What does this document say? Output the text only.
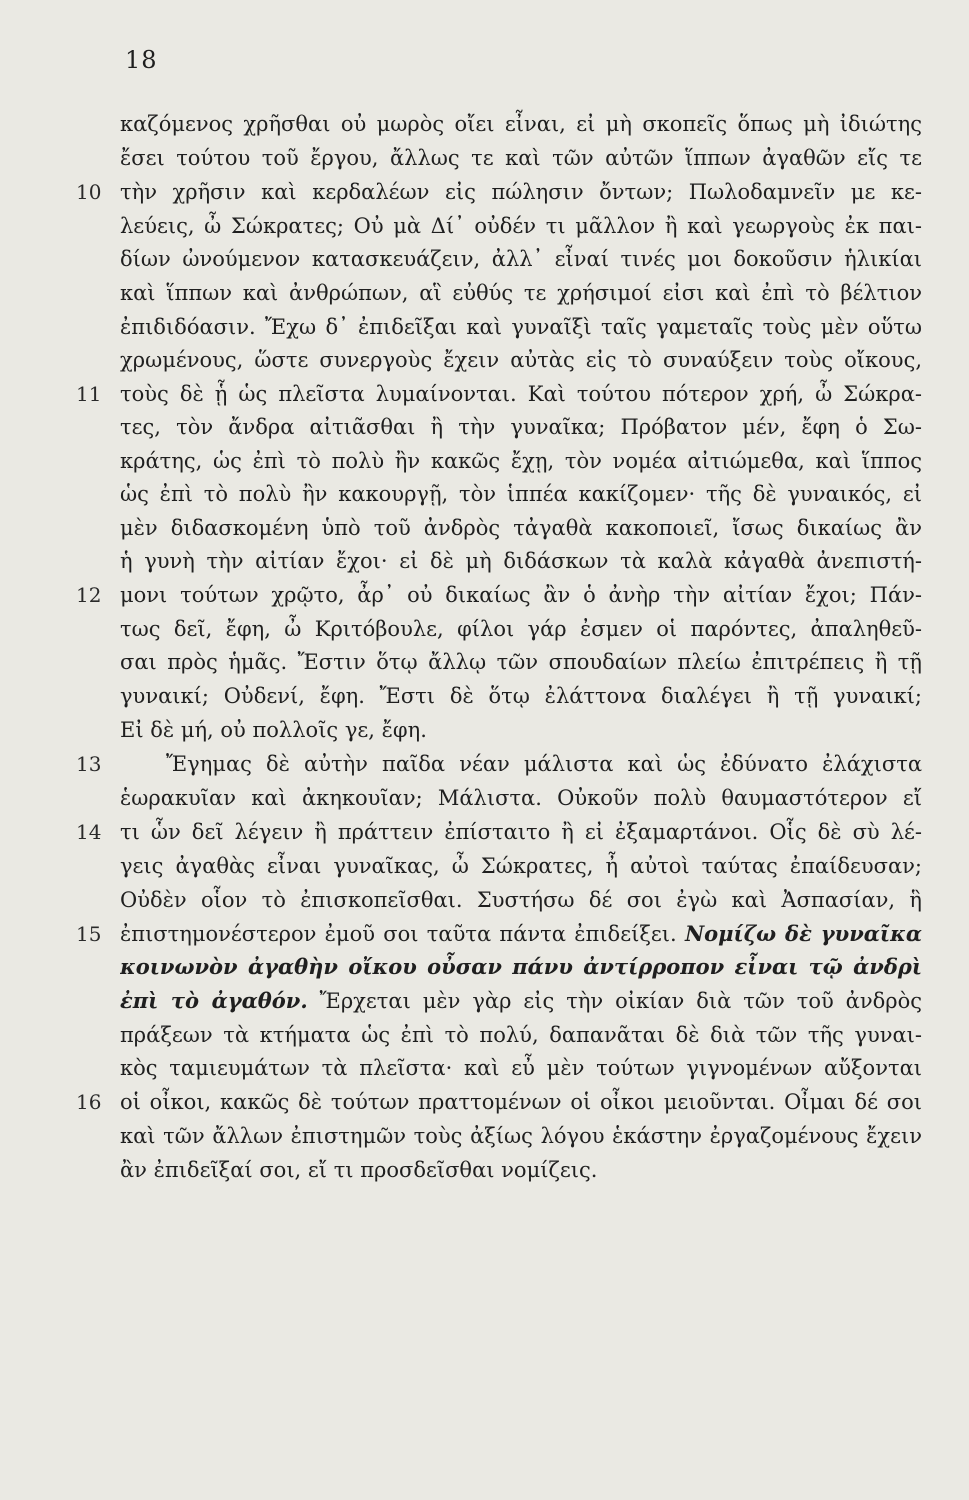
18
10
11
12
13
14
15
16
καζόμενος χρῆσθαι οὐ μωρὸς οἴει εἶναι, εἰ μὴ σκοπεῖς ὅπως μὴ ἰδιώτης
ἔσει τούτου τοῦ ἔργου, ἄλλως τε καὶ τῶν αὐτῶν ἵππων ἀγαθῶν εἴς τε
τὴν χρῆσιν καὶ κερδαλέων εἰς πώλησιν ὄντων; Πωλοδαμνεῖν με κε-
λεύεις, ὦ Σώκρατες; Οὐ μὰ Δί᾽ οὐδέν τι μᾶλλον ἢ καὶ γεωργοὺς ἐκ παι-
δίων ὠνούμενον κατασκευάζειν, ἀλλ᾽ εἶναί τινές μοι δοκοῦσιν ἡλικίαι
καὶ ἵππων καὶ ἀνθρώπων, αἳ εὐθύς τε χρήσιμοί εἰσι καὶ ἐπὶ τὸ βέλτιον
ἐπιδιδόασιν. Ἔχω δ᾽ ἐπιδεῖξαι καὶ γυναῖξὶ ταῖς γαμεταῖς τοὺς μὲν οὕτω
χρωμένους, ὥστε συνεργοὺς ἔχειν αὐτὰς εἰς τὸ συναύξειν τοὺς οἴκους,
τοὺς δὲ ᾗ ὡς πλεῖστα λυμαίνονται. Καὶ τούτου πότερον χρή, ὦ Σώκρα-
τες, τὸν ἄνδρα αἰτιᾶσθαι ἢ τὴν γυναῖκα; Πρόβατον μέν, ἔφη ὁ Σω-
κράτης, ὡς ἐπὶ τὸ πολὺ ἢν κακῶς ἔχῃ, τὸν νομέα αἰτιώμεθα, καὶ ἵππος
ὡς ἐπὶ τὸ πολὺ ἢν κακουργῇ, τὸν ἱππέα κακίζομεν· τῆς δὲ γυναικός, εἰ
μὲν διδασκομένη ὑπὸ τοῦ ἀνδρὸς τἀγαθὰ κακοποιεῖ, ἴσως δικαίως ἂν
ἡ γυνὴ τὴν αἰτίαν ἔχοι· εἰ δὲ μὴ διδάσκων τὰ καλὰ κἀγαθὰ ἀνεπιστή-
μονι τούτων χρῷτο, ἆρ᾽ οὐ δικαίως ἂν ὁ ἀνὴρ τὴν αἰτίαν ἔχοι; Πάν-
τως δεῖ, ἔφη, ὦ Κριτόβουλε, φίλοι γάρ ἐσμεν οἱ παρόντες, ἀπαληθεῦ-
σαι πρὸς ἡμᾶς. Ἔστιν ὅτῳ ἄλλῳ τῶν σπουδαίων πλείω ἐπιτρέπεις ἢ τῇ
γυναικί; Οὐδενί, ἔφη. Ἔστι δὲ ὅτῳ ἐλάττονα διαλέγει ἢ τῇ γυναικί;
Εἰ δὲ μή, οὐ πολλοῖς γε, ἔφη.
Ἔγημας δὲ αὐτὴν παῖδα νέαν μάλιστα καὶ ὡς ἐδύνατο ἐλάχιστα
ἑωρακυῖαν καὶ ἀκηκουῖαν; Μάλιστα. Οὐκοῦν πολὺ θαυμαστότερον εἴ
τι ὧν δεῖ λέγειν ἢ πράττειν ἐπίσταιτο ἢ εἰ ἐξαμαρτάνοι. Οἷς δὲ σὺ λέ-
γεις ἀγαθὰς εἶναι γυναῖκας, ὦ Σώκρατες, ἦ αὐτοὶ ταύτας ἐπαίδευσαν;
Οὐδὲν οἷον τὸ ἐπισκοπεῖσθαι. Συστήσω δέ σοι ἐγὼ καὶ Ἀσπασίαν, ἣ
ἐπιστημονέστερον ἐμοῦ σοι ταῦτα πάντα ἐπιδείξει. Νομίζω δὲ γυναῖκα
κοινωνὸν ἀγαθὴν οἴκου οὖσαν πάνυ ἀντίρροπον εἶναι τῷ ἀνδρὶ
ἐπὶ τὸ ἀγαθόν. Ἔρχεται μὲν γὰρ εἰς τὴν οἰκίαν διὰ τῶν τοῦ ἀνδρὸς
πράξεων τὰ κτήματα ὡς ἐπὶ τὸ πολύ, δαπανᾶται δὲ διὰ τῶν τῆς γυναι-
κὸς ταμιευμάτων τὰ πλεῖστα· καὶ εὖ μὲν τούτων γιγνομένων αὔξονται
οἱ οἶκοι, κακῶς δὲ τούτων πραττομένων οἱ οἶκοι μειοῦνται. Οἶμαι δέ σοι
καὶ τῶν ἄλλων ἐπιστημῶν τοὺς ἀξίως λόγου ἑκάστην ἐργαζομένους ἔχειν
ἂν ἐπιδεῖξαί σοι, εἴ τι προσδεῖσθαι νομίζεις.
